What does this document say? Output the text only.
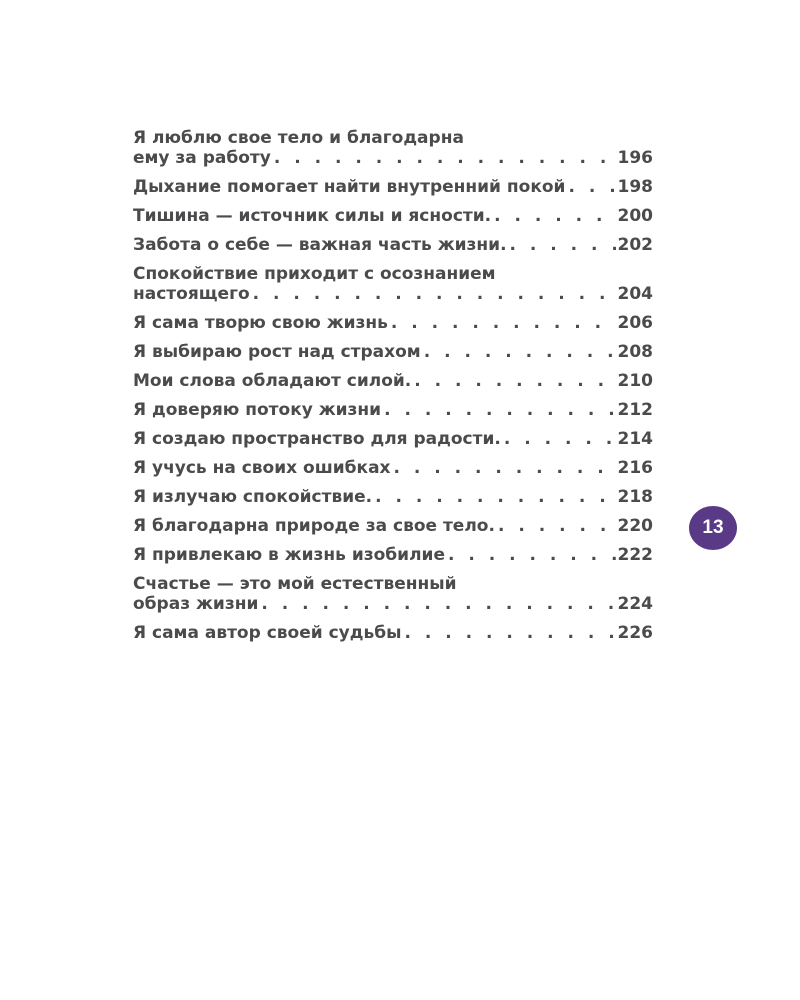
Я люблю свое тело и благодарна
ему за работу . . .	196
Дыхание помогает найти внутренний покой . . .	198
Тишина — источник силы и ясности. . . .	200
Забота о себе — важная часть жизни. . . .	202
Спокойствие приходит с осознанием
настоящего . . .	204
Я сама творю свою жизнь . . .	206
Я выбираю рост над страхом . . .	208
Мои слова обладают силой. . . .	210
Я доверяю потоку жизни . . .	212
Я создаю пространство для радости. . . .	214
Я учусь на своих ошибках . . .	216
Я излучаю спокойствие. . . .	218
Я благодарна природе за свое тело. . . .	220
Я привлекаю в жизнь изобилие . . .	222
Счастье — это мой естественный
образ жизни . . .	224
Я сама автор своей судьбы . . .	226
13
